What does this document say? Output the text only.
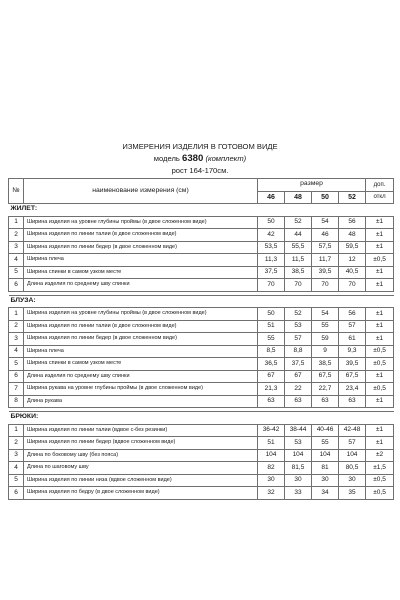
ИЗМЕРЕНИЯ ИЗДЕЛИЯ В ГОТОВОМ ВИДЕ
модель 6380 (комплект)
рост 164-170см.
№	наименование измерения (см)	размер				доп.
		46	48	50	52	откл
ЖИЛЕТ:						
1	Ширина изделия на уровне глубины проймы (в двое сложенном виде)	50	52	54	56	±1
2	Ширина изделия по линии талии (в двое сложенном виде)	42	44	46	48	±1
3	Ширина изделия по линии бедер (в двое сложенном виде)	53,5	55,5	57,5	59,5	±1
4	Ширина плеча	11,3	11,5	11,7	12	±0,5
5	Ширина спинки в самом узком месте	37,5	38,5	39,5	40,5	±1
6	Длина изделия по среднему шву спинки	70	70	70	70	±1

БЛУЗА:						
1	Ширина изделия на уровне глубины проймы (в двое сложенном виде)	50	52	54	56	±1
2	Ширина изделия по линии талии (в двое сложенном виде)	51	53	55	57	±1
3	Ширина изделия по линии бедер (в двое сложенном виде)	55	57	59	61	±1
4	Ширина плеча	8,5	8,8	9	9,3	±0,5
5	Ширина спинки в самом узком месте	36,5	37,5	38,5	39,5	±0,5
6	Длина изделия по среднему шву спинки	67	67	67,5	67,5	±1
7	Ширина рукава на уровне глубины проймы (в двое сложенном виде)	21,3	22	22,7	23,4	±0,5
8	Длина рукава	63	63	63	63	±1

БРЮКИ:						
1	Ширина изделия по линии талии (вдвое с-без резинки)	36-42	38-44	40-46	42-48	±1
2	Ширина изделия по линии бедер (вдвое сложенном виде)	51	53	55	57	±1
3	Длина по боковому шву (без пояса)	104	104	104	104	±2
4	Длина по шаговому шву	82	81,5	81	80,5	±1,5
5	Ширина изделия по линии низа (вдвое сложенном виде)	30	30	30	30	±0,5
6	Ширина изделия по бедру (в двое сложенном виде)	32	33	34	35	±0,5
